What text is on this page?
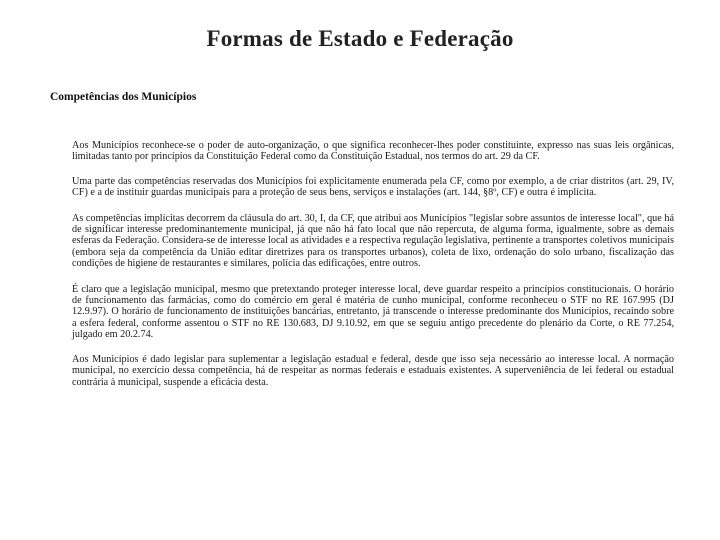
Formas de Estado e Federação
Competências dos Municípios

Aos Municípios reconhece-se o poder de auto-organização, o que significa reconhecer-lhes poder constituinte, expresso nas suas leis orgânicas, limitadas tanto por princípios da Constituição Federal como da Constituição Estadual, nos termos do art. 29 da CF.

Uma parte das competências reservadas dos Municípios foi explicitamente enumerada pela CF, como por exemplo, a de criar distritos (art. 29, IV, CF) e a de instituir guardas municipais para a proteção de seus bens, serviços e instalações (art. 144, §8º, CF) e outra é implícita.

As competências implícitas decorrem da cláusula do art. 30, I, da CF, que atribui aos Municípios "legislar sobre assuntos de interesse local", que há de significar interesse predominantemente municipal, já que não há fato local que não repercuta, de alguma forma, igualmente, sobre as demais esferas da Federação. Considera-se de interesse local as atividades e a respectiva regulação legislativa, pertinente a transportes coletivos municipais (embora seja da competência da União editar diretrizes para os transportes urbanos), coleta de lixo, ordenação do solo urbano, fiscalização das condições de higiene de restaurantes e similares, polícia das edificações, entre outros.

É claro que a legislação municipal, mesmo que pretextando proteger interesse local, deve guardar respeito a princípios constitucionais. O horário de funcionamento das farmácias, como do comércio em geral é matéria de cunho municipal, conforme reconheceu o STF no RE 167.995 (DJ 12.9.97). O horário de funcionamento de instituições bancárias, entretanto, já transcende o interesse predominante dos Municípios, recaindo sobre a esfera federal, conforme assentou o STF no RE 130.683, DJ 9.10.92, em que se seguiu antigo precedente do plenário da Corte, o RE 77.254, julgado em 20.2.74.

Aos Municípios é dado legislar para suplementar a legislação estadual e federal, desde que isso seja necessário ao interesse local. A normação municipal, no exercício dessa competência, há de respeitar as normas federais e estaduais existentes. A superveniência de lei federal ou estadual contrária à municipal, suspende a eficácia desta.
